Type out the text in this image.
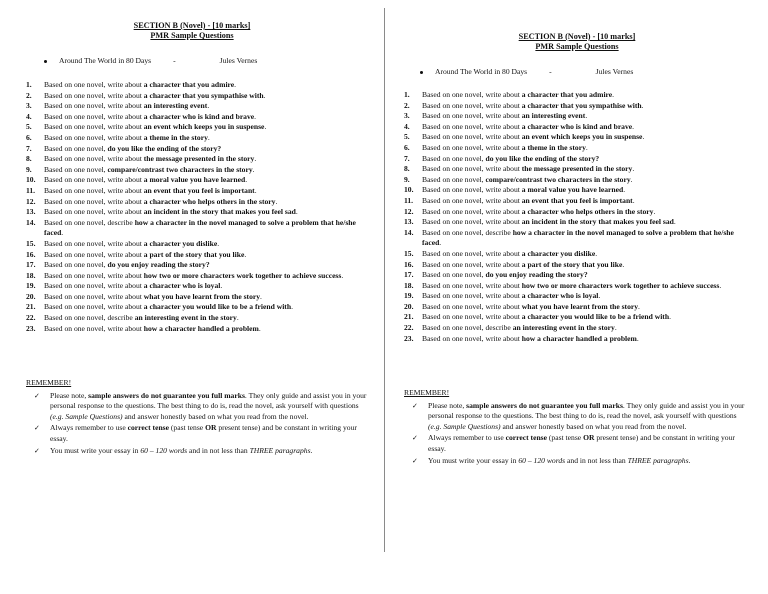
SECTION B (Novel) - [10 marks]
PMR Sample Questions
Around The World in 80 Days	-	Jules Vernes
1. Based on one novel, write about a character that you admire.
2. Based on one novel, write about a character that you sympathise with.
3. Based on one novel, write about an interesting event.
4. Based on one novel, write about a character who is kind and brave.
5. Based on one novel, write about an event which keeps you in suspense.
6. Based on one novel, write about a theme in the story.
7. Based on one novel, do you like the ending of the story?
8. Based on one novel, write about the message presented in the story.
9. Based on one novel, compare/contrast two characters in the story.
10. Based on one novel, write about a moral value you have learned.
11. Based on one novel, write about an event that you feel is important.
12. Based on one novel, write about a character who helps others in the story.
13. Based on one novel, write about an incident in the story that makes you feel sad.
14. Based on one novel, describe how a character in the novel managed to solve a problem that he/she faced.
15. Based on one novel, write about a character you dislike.
16. Based on one novel, write about a part of the story that you like.
17. Based on one novel, do you enjoy reading the story?
18. Based on one novel, write about how two or more characters work together to achieve success.
19. Based on one novel, write about a character who is loyal.
20. Based on one novel, write about what you have learnt from the story.
21. Based on one novel, write about a character you would like to be a friend with.
22. Based on one novel, describe an interesting event in the story.
23. Based on one novel, write about how a character handled a problem.
REMEMBER!
✓ Please note, sample answers do not guarantee you full marks. They only guide and assist you in your personal response to the questions. The best thing to do is, read the novel, ask yourself with questions (e.g. Sample Questions) and answer honestly based on what you read from the novel.
✓ Always remember to use correct tense (past tense OR present tense) and be constant in writing your essay.
✓ You must write your essay in 60 – 120 words and in not less than THREE paragraphs.
SECTION B (Novel) - [10 marks]
PMR Sample Questions
Around The World in 80 Days	-	Jules Vernes
1. Based on one novel, write about a character that you admire.
2. Based on one novel, write about a character that you sympathise with.
3. Based on one novel, write about an interesting event.
4. Based on one novel, write about a character who is kind and brave.
5. Based on one novel, write about an event which keeps you in suspense.
6. Based on one novel, write about a theme in the story.
7. Based on one novel, do you like the ending of the story?
8. Based on one novel, write about the message presented in the story.
9. Based on one novel, compare/contrast two characters in the story.
10. Based on one novel, write about a moral value you have learned.
11. Based on one novel, write about an event that you feel is important.
12. Based on one novel, write about a character who helps others in the story.
13. Based on one novel, write about an incident in the story that makes you feel sad.
14. Based on one novel, describe how a character in the novel managed to solve a problem that he/she faced.
15. Based on one novel, write about a character you dislike.
16. Based on one novel, write about a part of the story that you like.
17. Based on one novel, do you enjoy reading the story?
18. Based on one novel, write about how two or more characters work together to achieve success.
19. Based on one novel, write about a character who is loyal.
20. Based on one novel, write about what you have learnt from the story.
21. Based on one novel, write about a character you would like to be a friend with.
22. Based on one novel, describe an interesting event in the story.
23. Based on one novel, write about how a character handled a problem.
REMEMBER!
✓ Please note, sample answers do not guarantee you full marks. They only guide and assist you in your personal response to the questions. The best thing to do is, read the novel, ask yourself with questions (e.g. Sample Questions) and answer honestly based on what you read from the novel.
✓ Always remember to use correct tense (past tense OR present tense) and be constant in writing your essay.
✓ You must write your essay in 60 – 120 words and in not less than THREE paragraphs.
